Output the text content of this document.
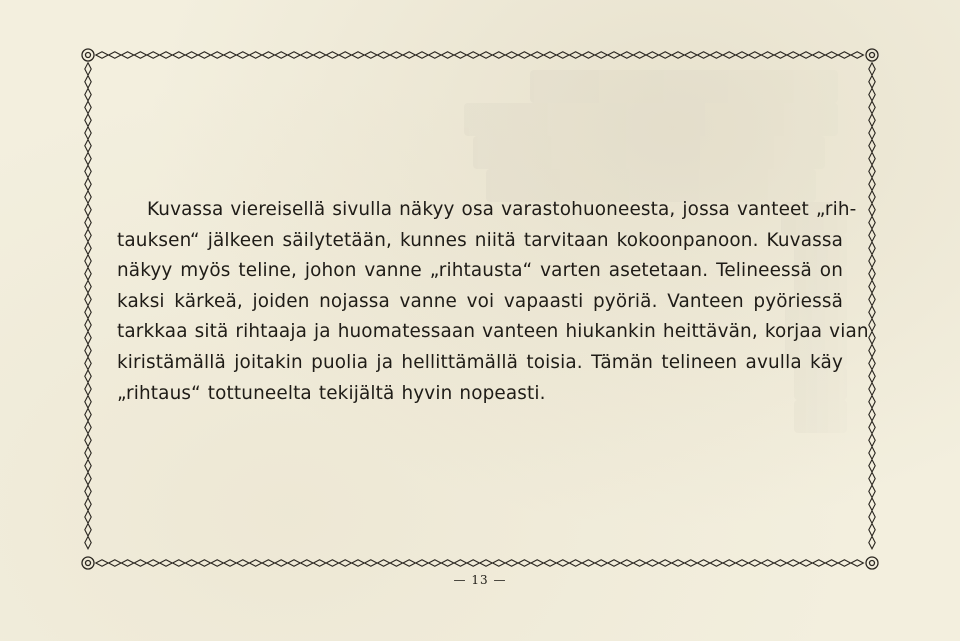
Kuvassa viereisellä sivulla näkyy osa varastohuoneesta, jossa vanteet „rih-
tauksen“ jälkeen säilytetään, kunnes niitä tarvitaan kokoonpanoon. Kuvassa
näkyy myös teline, johon vanne „rihtausta“ varten asetetaan. Telineessä on
kaksi kärkeä, joiden nojassa vanne voi vapaasti pyöriä. Vanteen pyöriessä
tarkkaa sitä rihtaaja ja huomatessaan vanteen hiukankin heittävän, korjaa vian
kiristämällä joitakin puolia ja hellittämällä toisia. Tämän telineen avulla käy
„rihtaus“ tottuneelta tekijältä hyvin nopeasti.
— 13 —
